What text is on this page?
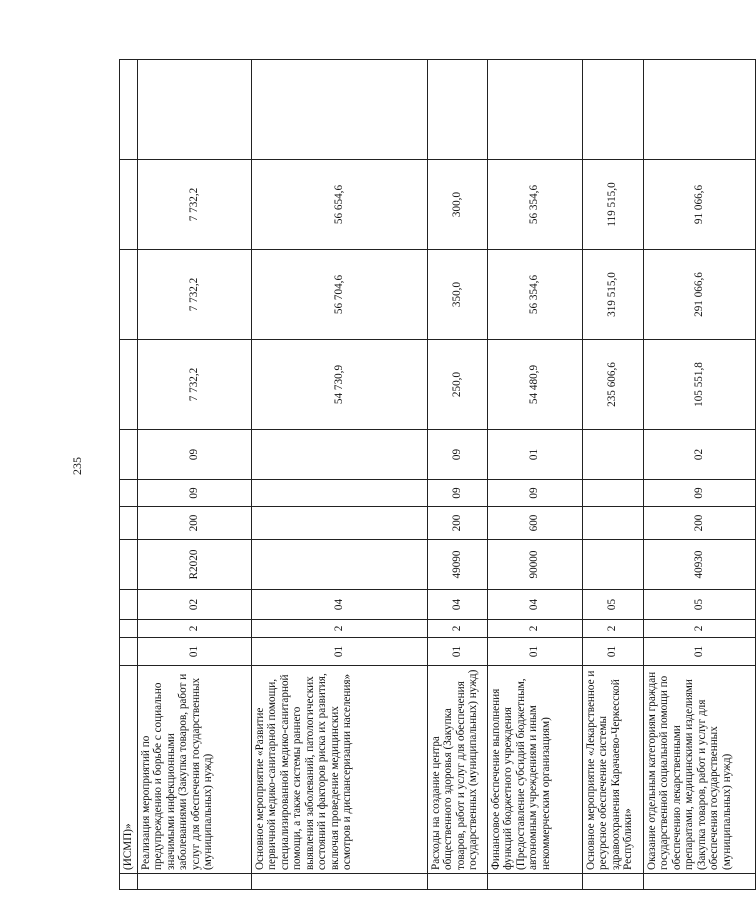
235
	(ИСМП)»											
	Реализация мероприятий по предупреждению и борьбе с социально значимыми инфекционными заболеваниями (Закупка товаров, работ и услуг для обеспечения государственных (муниципальных) нужд)	01	2	02	R2020	200	09	09	7 732,2	7 732,2	7 732,2	
	Основное мероприятие «Развитие первичной медико-санитарной помощи, специализированной медико-санитарной помощи, а также системы раннего выявления заболеваний, патологических состояний и факторов риска их развития, включая проведение медицинских осмотров и диспансеризации населения»	01	2	04					54 730,9	56 704,6	56 654,6	
	Расходы на создание центра общественного здоровья (Закупка товаров, работ и услуг для обеспечения государственных (муниципальных) нужд)	01	2	04	49090	200	09	09	250,0	350,0	300,0	
	Финансовое обеспечение выполнения функций бюджетного учреждения (Предоставление субсидий бюджетным, автономным учреждениям и иным некоммерческим организациям)	01	2	04	90000	600	09	01	54 480,9	56 354,6	56 354,6	
	Основное мероприятие «Лекарственное и ресурсное обеспечение системы здравоохранения Карачаево-Черкесской Республики»	01	2	05					235 606,6	319 515,0	119 515,0	
	Оказание отдельным категориям граждан государственной социальной помощи по обеспечению лекарственными препаратами, медицинскими изделиями (Закупка товаров, работ и услуг для обеспечения государственных (муниципальных) нужд)	01	2	05	40930	200	09	02	105 551,8	291 066,6	91 066,6	
